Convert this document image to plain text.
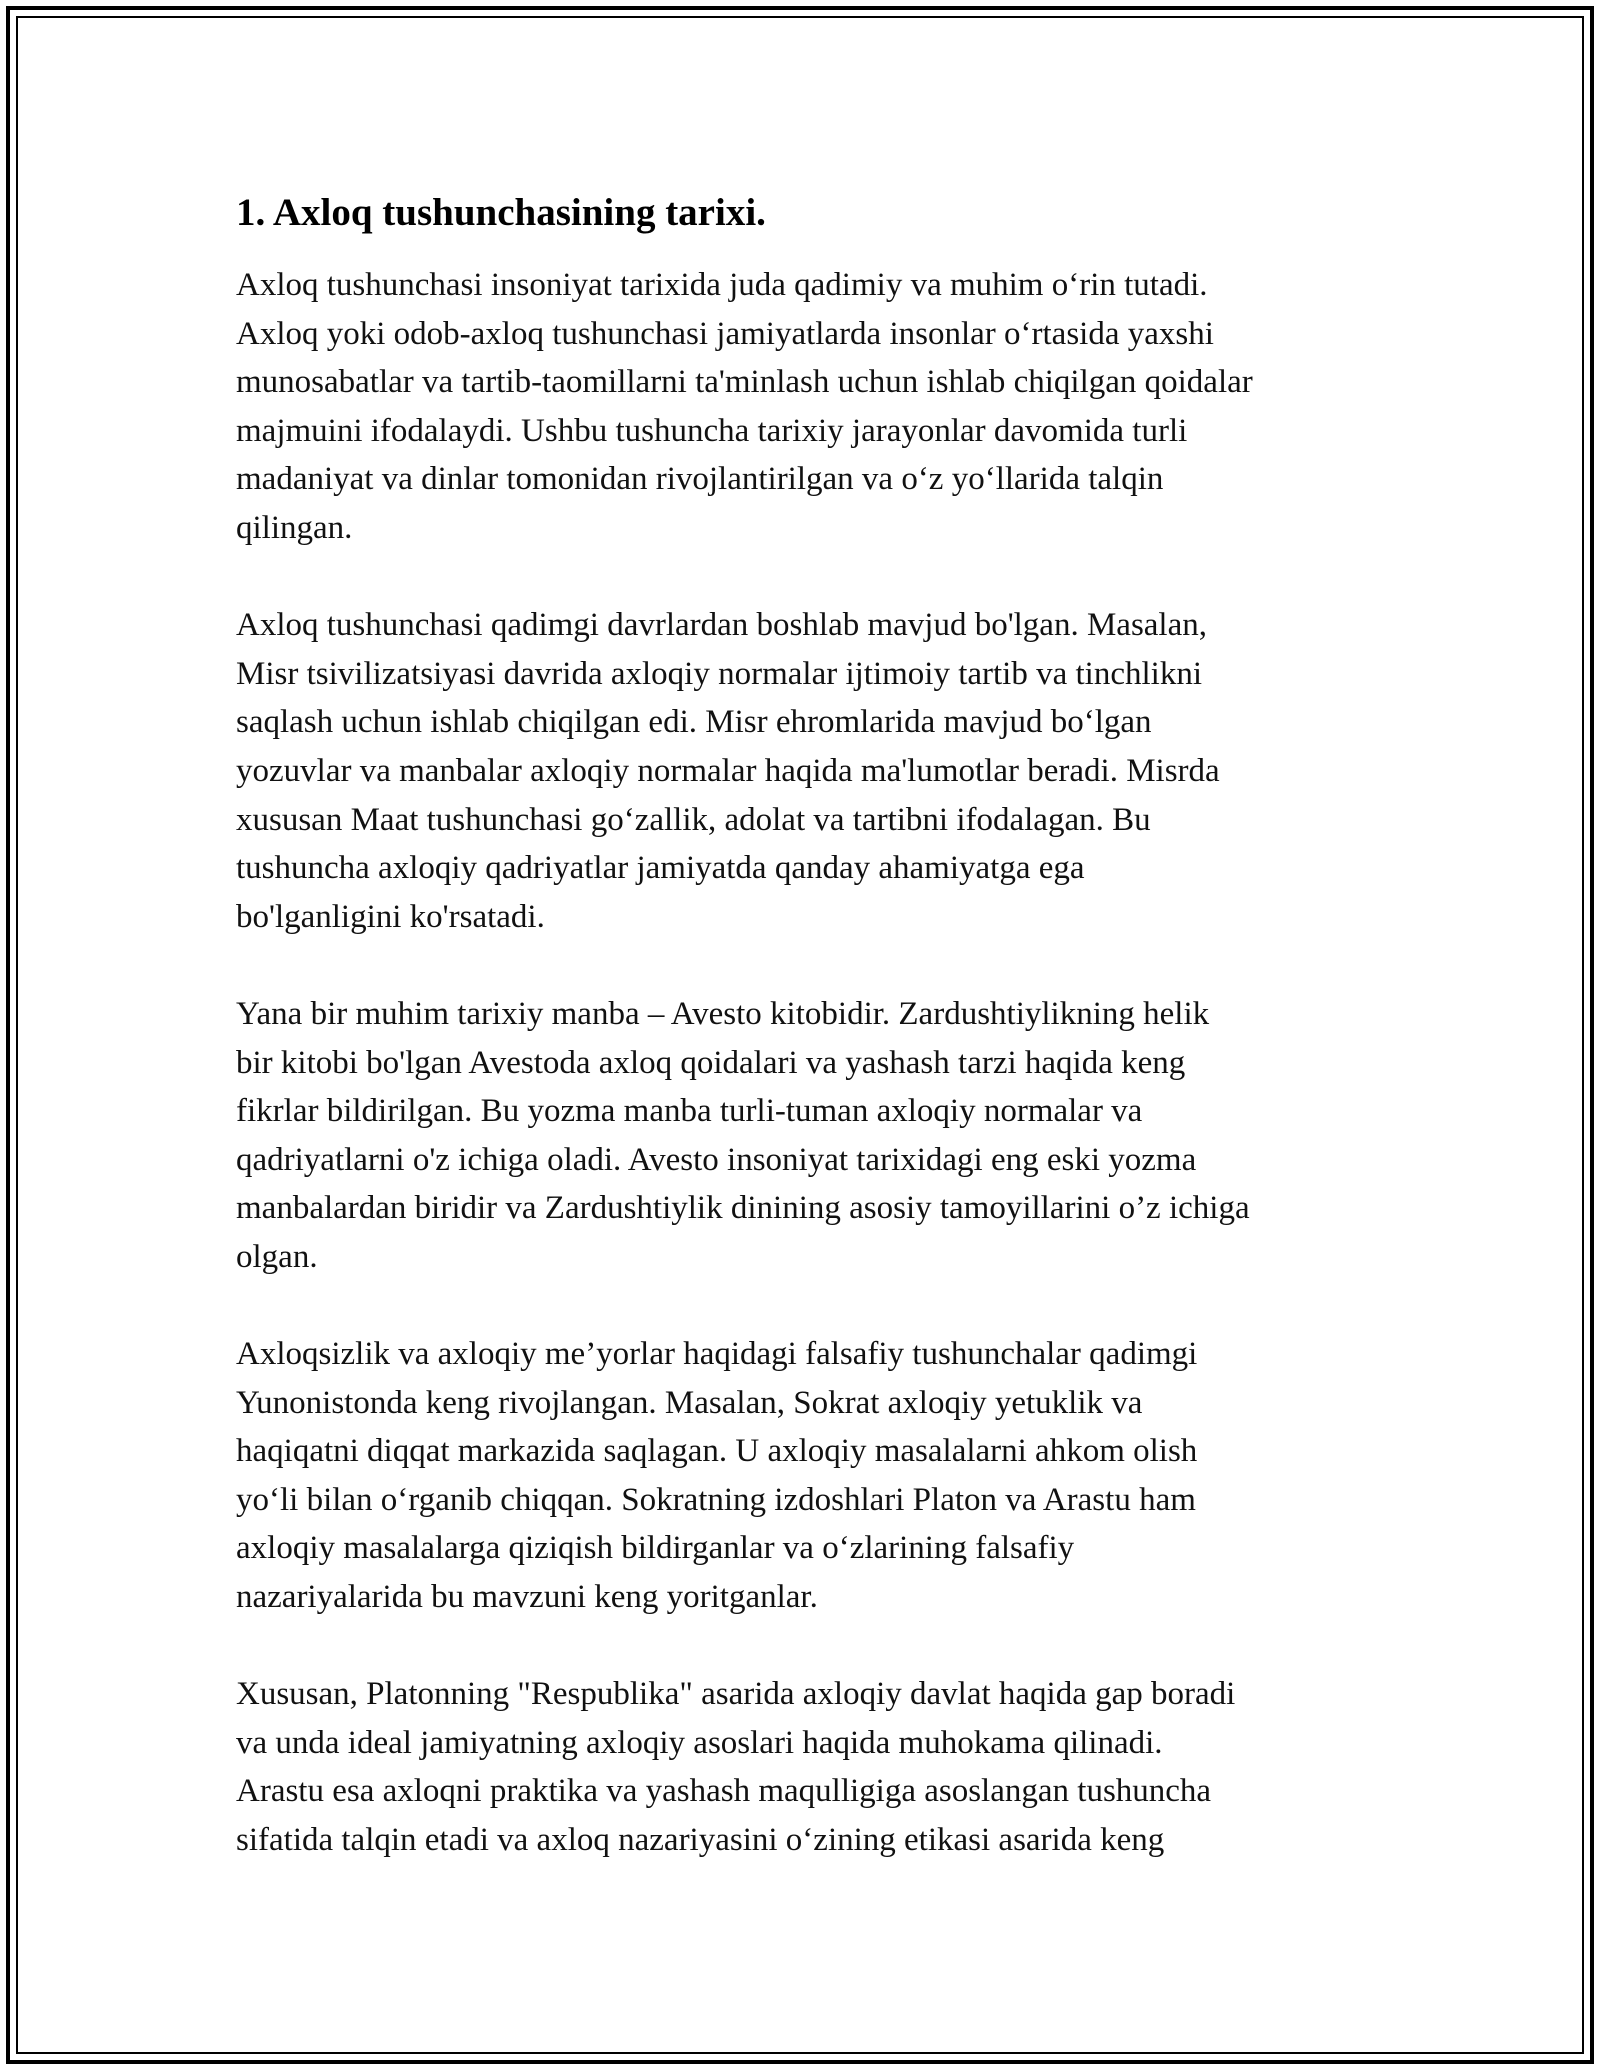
1. Axloq tushunchasining tarixi.
Axloq tushunchasi insoniyat tarixida juda qadimiy va muhim o‘rin tutadi.
Axloq yoki odob-axloq tushunchasi jamiyatlarda insonlar o‘rtasida yaxshi
munosabatlar va tartib-taomillarni ta'minlash uchun ishlab chiqilgan qoidalar
majmuini ifodalaydi. Ushbu tushuncha tarixiy jarayonlar davomida turli
madaniyat va dinlar tomonidan rivojlantirilgan va o‘z yo‘llarida talqin
qilingan.
Axloq tushunchasi qadimgi davrlardan boshlab mavjud bo'lgan. Masalan,
Misr tsivilizatsiyasi davrida axloqiy normalar ijtimoiy tartib va tinchlikni
saqlash uchun ishlab chiqilgan edi. Misr ehromlarida mavjud bo‘lgan
yozuvlar va manbalar axloqiy normalar haqida ma'lumotlar beradi. Misrda
xususan Maat tushunchasi go‘zallik, adolat va tartibni ifodalagan. Bu
tushuncha axloqiy qadriyatlar jamiyatda qanday ahamiyatga ega
bo'lganligini ko'rsatadi.
Yana bir muhim tarixiy manba – Avesto kitobidir. Zardushtiylikning helik
bir kitobi bo'lgan Avestoda axloq qoidalari va yashash tarzi haqida keng
fikrlar bildirilgan. Bu yozma manba turli-tuman axloqiy normalar va
qadriyatlarni o'z ichiga oladi. Avesto insoniyat tarixidagi eng eski yozma
manbalardan biridir va Zardushtiylik dinining asosiy tamoyillarini o’z ichiga
olgan.
Axloqsizlik va axloqiy me’yorlar haqidagi falsafiy tushunchalar qadimgi
Yunonistonda keng rivojlangan. Masalan, Sokrat axloqiy yetuklik va
haqiqatni diqqat markazida saqlagan. U axloqiy masalalarni ahkom olish
yo‘li bilan o‘rganib chiqqan. Sokratning izdoshlari Platon va Arastu ham
axloqiy masalalarga qiziqish bildirganlar va o‘zlarining falsafiy
nazariyalarida bu mavzuni keng yoritganlar.
Xususan, Platonning "Respublika" asarida axloqiy davlat haqida gap boradi
va unda ideal jamiyatning axloqiy asoslari haqida muhokama qilinadi.
Arastu esa axloqni praktika va yashash maqulligiga asoslangan tushuncha
sifatida talqin etadi va axloq nazariyasini o‘zining etikasi asarida keng
